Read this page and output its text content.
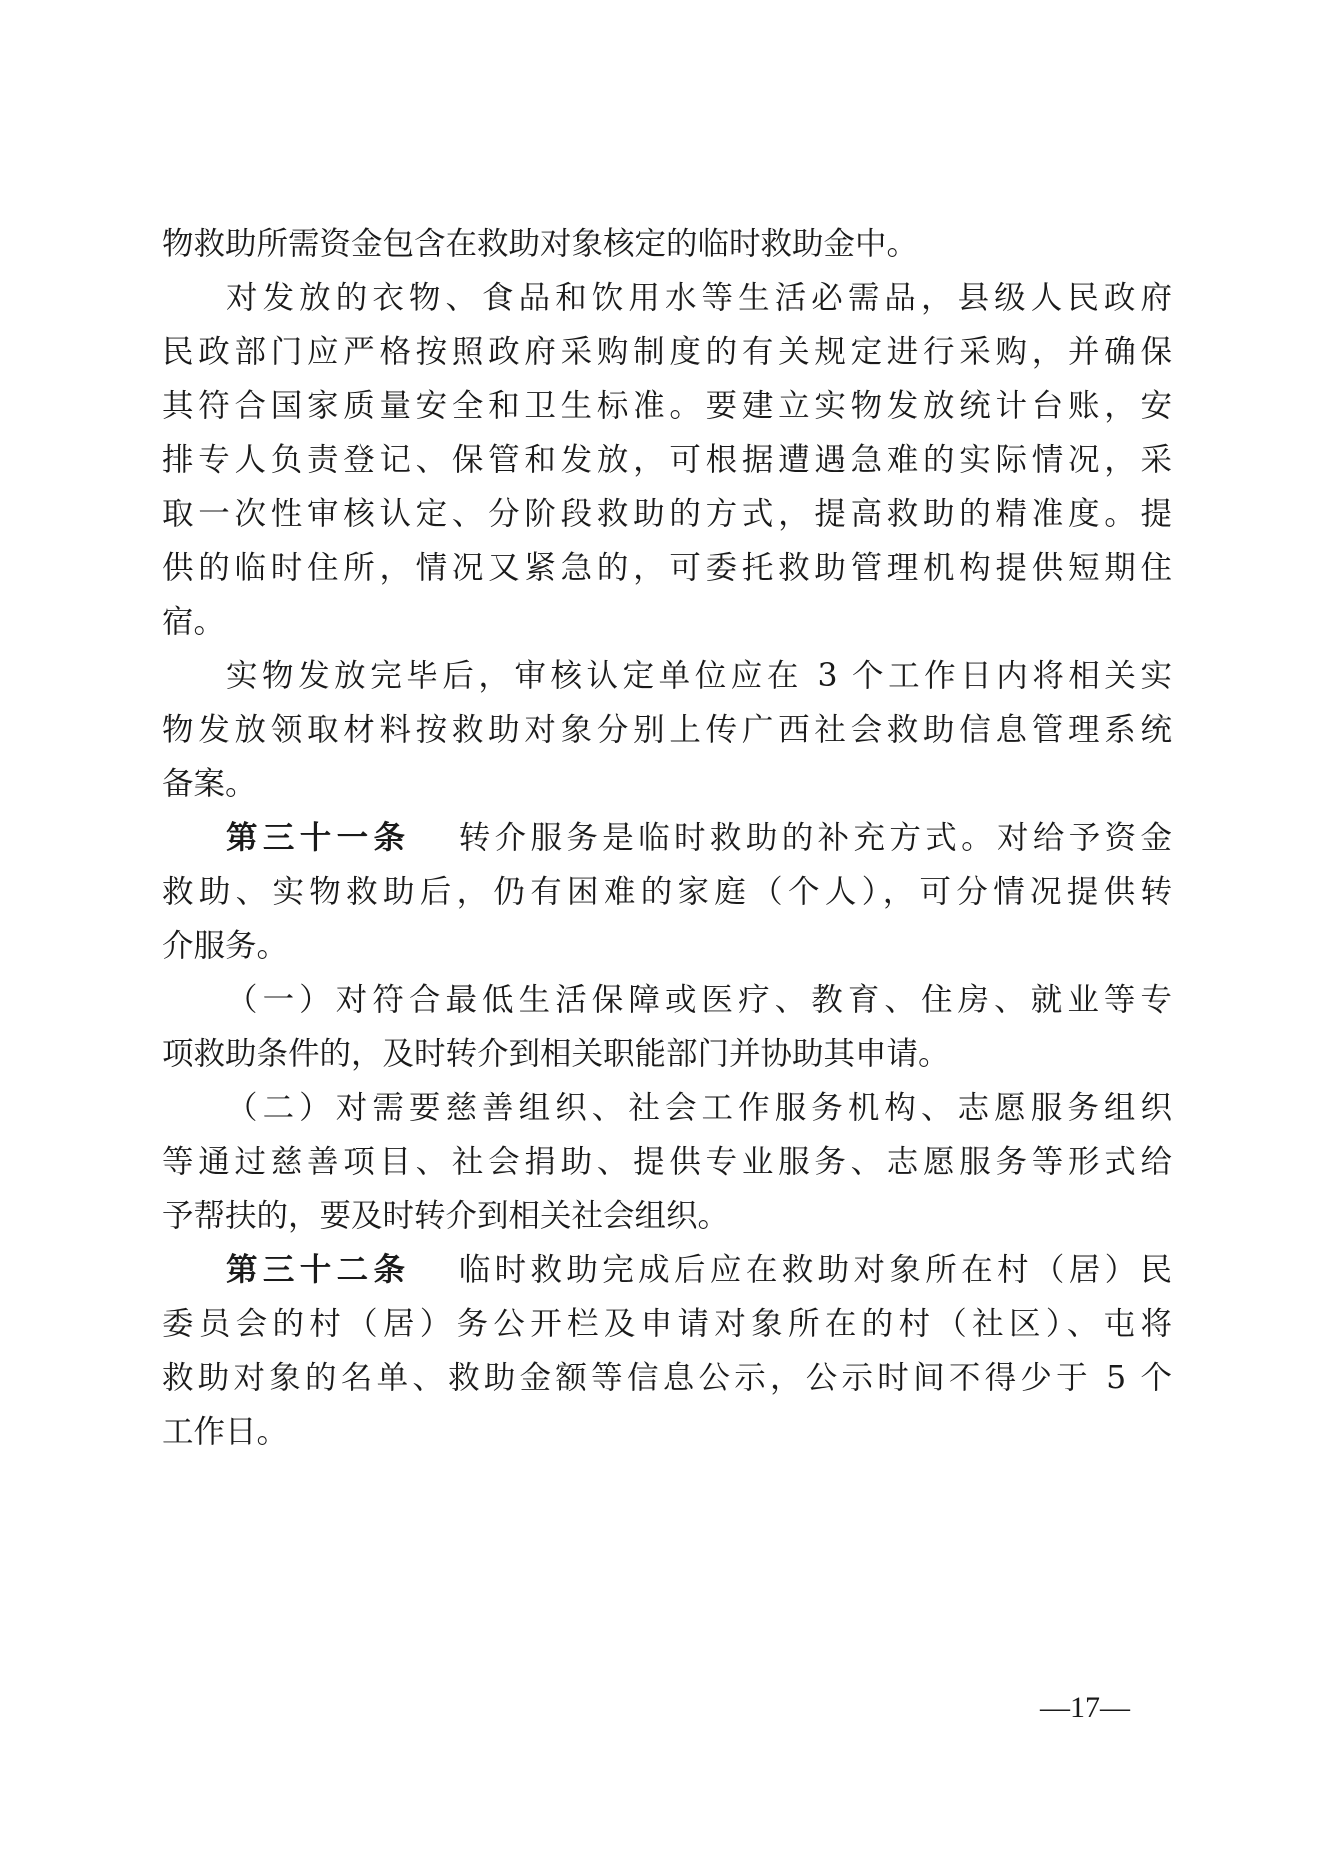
物救助所需资金包含在救助对象核定的临时救助金中。
对发放的衣物、食品和饮用水等生活必需品，县级人民政府
民政部门应严格按照政府采购制度的有关规定进行采购，并确保
其符合国家质量安全和卫生标准。要建立实物发放统计台账，安
排专人负责登记、保管和发放，可根据遭遇急难的实际情况，采
取一次性审核认定、分阶段救助的方式，提高救助的精准度。提
供的临时住所，情况又紧急的，可委托救助管理机构提供短期住
宿。
实物发放完毕后，审核认定单位应在 3 个工作日内将相关实
物发放领取材料按救助对象分别上传广西社会救助信息管理系统
备案。
第三十一条 转介服务是临时救助的补充方式。对给予资金
救助、实物救助后，仍有困难的家庭（个人），可分情况提供转
介服务。
（一）对符合最低生活保障或医疗、教育、住房、就业等专
项救助条件的，及时转介到相关职能部门并协助其申请。
（二）对需要慈善组织、社会工作服务机构、志愿服务组织
等通过慈善项目、社会捐助、提供专业服务、志愿服务等形式给
予帮扶的，要及时转介到相关社会组织。
第三十二条 临时救助完成后应在救助对象所在村（居）民
委员会的村（居）务公开栏及申请对象所在的村（社区）、屯将
救助对象的名单、救助金额等信息公示，公示时间不得少于 5 个
工作日。
—17—
